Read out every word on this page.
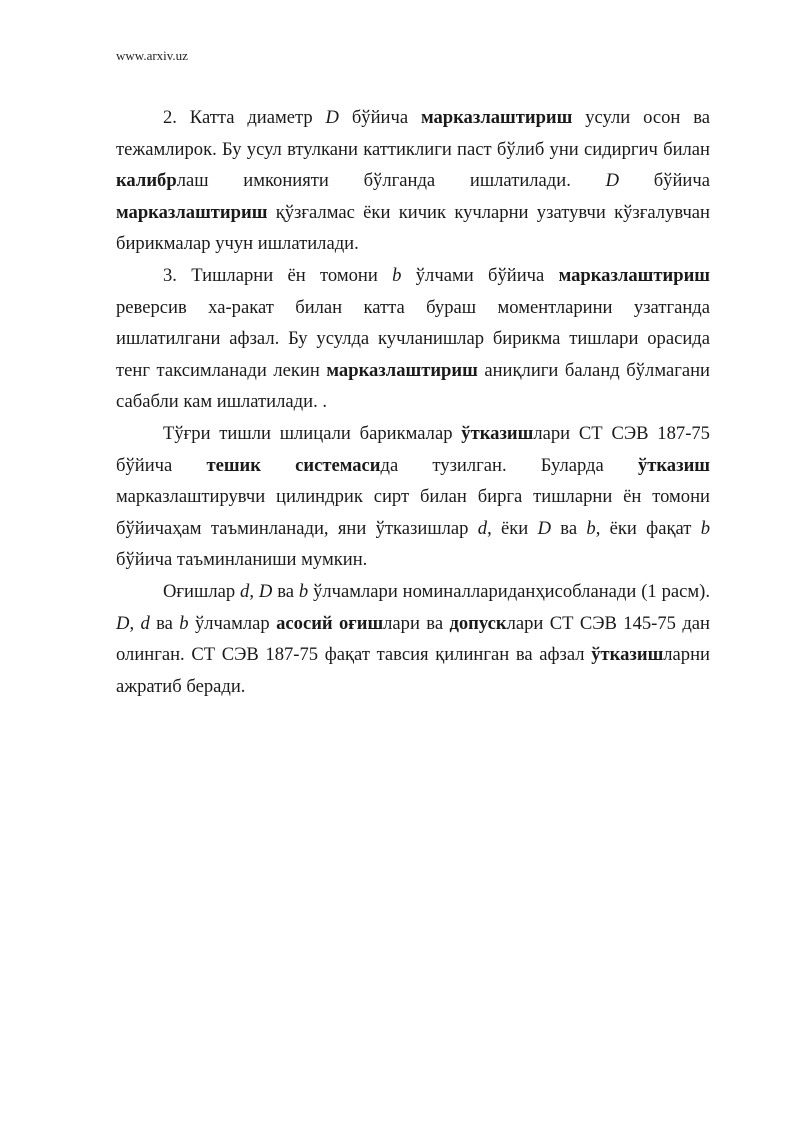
www.arxiv.uz

2. Катта диаметр D бўйича марказлаштириш усули осон ва тежамлирок. Бу усул втулкани каттиклиги паст бўлиб уни сидиргич билан калибрлаш имконияти бўлганда ишлатилади. D бўйича марказлаштириш қўзғалмас ёки кичик кучларни узатувчи кўзғалувчан бирикмалар учун ишлатилади.

3. Тишларни ён томони b ўлчами бўйича марказлаштириш реверсив ха-ракат билан катта бураш моментларини узатганда ишлатилгани афзал. Бу усулда кучланишлар бирикма тишлари орасида тенг таксимланади лекин марказлаштириш аниқлиги баланд бўлмагани сабабли кам ишлатилади. .

Тўғри тишли шлицали барикмалар ўтказишлари СТ СЭВ 187-75 бўйича тешик системасида тузилган. Буларда ўтказиш марказлаштирувчи цилиндрик сирт билан бирга тишларни ён томони бўйичаҳам таъминланади, яни ўтказишлар d, ёки D ва b, ёки фақат b бўйича таъминланиши мумкин.

Оғишлар d, D ва b ўлчамлари номиналлариданҳисобланади (1 расм). D, d ва b ўлчамлар асосий оғишлари ва допусклари СТ СЭВ 145-75 дан олинган. СТ СЭВ 187-75 фақат тавсия қилинган ва афзал ўтказишларни ажратиб беради.
